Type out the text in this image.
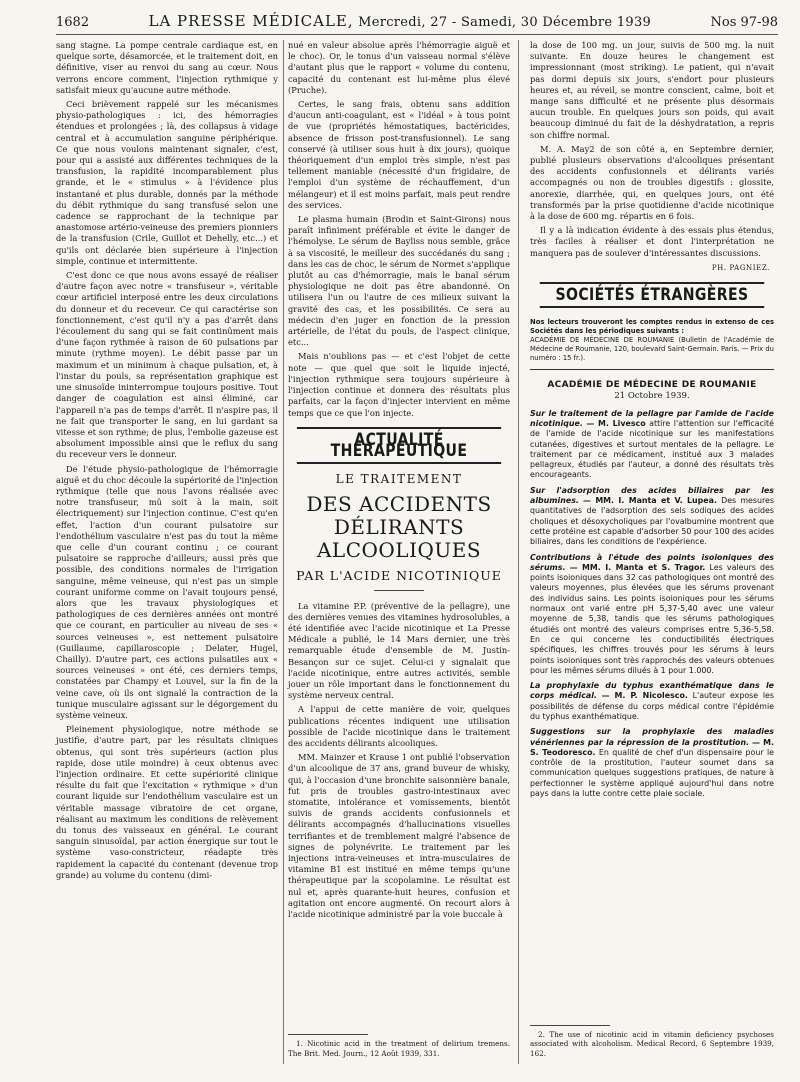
1682	LA PRESSE MÉDICALE, Mercredi, 27 - Samedi, 30 Décembre 1939	Nos 97-98

sang stagne. La pompe centrale cardiaque est, en quelque sorte, désamorcée, et le traitement doit, en définitive, viser au renvoi du sang au cœur. Nous verrons encore comment, l'injection rythmique y satisfait mieux qu'aucune autre méthode.

Ceci brièvement rappelé sur les mécanismes physio-pathologiques : ici, des hémorragies étendues et prolongées ; là, des collapsus à vidage central et à accumulation sanguine périphérique. Ce que nous voulons maintenant signaler, c'est, pour qui a assisté aux différentes techniques de la transfusion, la rapidité incomparablement plus grande, et le « stimulus » à l'évidence plus instantané et plus durable, donnés par la méthode du débit rythmique du sang transfusé selon une cadence se rapprochant de la technique par anastomose artério-veineuse des premiers pionniers de la transfusion (Crile, Guillot et Dehelly, etc...) et qu'ils ont déclarée bien supérieure à l'injection simple, continue et intermittente.

C'est donc ce que nous avons essayé de réaliser d'autre façon avec notre « transfuseur », véritable cœur artificiel interposé entre les deux circulations du donneur et du receveur. Ce qui caractérise son fonctionnement, c'est qu'il n'y a pas d'arrêt dans l'écoulement du sang qui se fait continûment mais d'une façon rythmée à raison de 60 pulsations par minute (rythme moyen). Le débit passe par un maximum et un minimum à chaque pulsation, et, à l'instar du pouls, sa représentation graphique est une sinusoïde ininterrompue toujours positive. Tout danger de coagulation est ainsi éliminé, car l'appareil n'a pas de temps d'arrêt. Il n'aspire pas, il ne fait que transporter le sang, en lui gardant sa vitesse et son rythme; de plus, l'embolie gazeuse est absolument impossible ainsi que le reflux du sang du receveur vers le donneur.

De l'étude physio-pathologique de l'hémorragie aiguë et du choc découle la supériorité de l'injection rythmique (telle que nous l'avons réalisée avec notre transfuseur, mû soit à la main, soit électriquement) sur l'injection continue. C'est qu'en effet, l'action d'un courant pulsatoire sur l'endothélium vasculaire n'est pas du tout la même que celle d'un courant continu ; ce courant pulsatoire se rapproche d'ailleurs, aussi près que possible, des conditions normales de l'irrigation sanguine, même veineuse, qui n'est pas un simple courant uniforme comme on l'avait toujours pensé, alors que les travaux physiologiques et pathologiques de ces dernières années ont montré que ce courant, en particulier au niveau de ses « sources veineuses », est nettement pulsatoire (Guillaume, capillaroscopie ; Delater, Hugel, Chailly). D'autre part, ces actions pulsatiles aux « sources veineuses » ont été, ces derniers temps, constatées par Champy et Louvel, sur la fin de la veine cave, où ils ont signalé la contraction de la tunique musculaire agissant sur le dégorgement du système veineux.

Pleinement physiologique, notre méthode se justifie, d'autre part, par les résultats cliniques obtenus, qui sont très supérieurs (action plus rapide, dose utile moindre) à ceux obtenus avec l'injection ordinaire. Et cette supériorité clinique résulte du fait que l'excitation « rythmique » d'un courant liquide sur l'endothélium vasculaire est un véritable massage vibratoire de cet organe, réalisant au maximum les conditions de relèvement du tonus des vaisseaux en général. Le courant sanguin sinusoïdal, par action énergique sur tout le système vaso-constricteur, réadapte très rapidement la capacité du contenant (devenue trop grande) au volume du contenu (dimi-

nué en valeur absolue après l'hémorragie aiguë et le choc). Or, le tonus d'un vaisseau normal s'élève d'autant plus que le rapport « volume du contenu, capacité du contenant est lui-même plus élevé (Pruche).

Certes, le sang frais, obtenu sans addition d'aucun anti-coagulant, est « l'idéal » à tous point de vue (propriétés hémostatiques, bactéricides, absence de frisson post-transfusionnel). Le sang conservé (à utiliser sous huit à dix jours), quoique théoriquement d'un emploi très simple, n'est pas tellement maniable (nécessité d'un frigidaire, de l'emploi d'un système de réchauffement, d'un mélangeur) et il est moins parfait, mais peut rendre des services.

Le plasma humain (Brodin et Saint-Girons) nous paraît infiniment préférable et évite le danger de l'hémolyse. Le sérum de Bayliss nous semble, grâce à sa viscosité, le meilleur des succédanés du sang ; dans les cas de choc, le sérum de Normet s'applique plutôt au cas d'hémorragie, mais le banal sérum physiologique ne doit pas être abandonné. On utilisera l'un ou l'autre de ces milieux suivant la gravité des cas, et les possibilités. Ce sera au médecin d'en juger en fonction de la pression artérielle, de l'état du pouls, de l'aspect clinique, etc...

Mais n'oublions pas — et c'est l'objet de cette note — que quel que soit le liquide injecté, l'injection rythmique sera toujours supérieure à l'injection continue et donnera des résultats plus parfaits, car la façon d'injecter intervient en même temps que ce que l'on injecte.

ACTUALITÉ THÉRAPEUTIQUE
LE TRAITEMENT
DES ACCIDENTS DÉLIRANTS
ALCOOLIQUES
PAR L'ACIDE NICOTINIQUE

La vitamine P.P. (préventive de la pellagre), une des dernières venues des vitamines hydrosolubles, a été identifiée avec l'acide nicotinique et La Presse Médicale a publié, le 14 Mars dernier, une très remarquable étude d'ensemble de M. Justin-Besançon sur ce sujet. Celui-ci y signalait que l'acide nicotinique, entre autres activités, semble jouer un rôle important dans le fonctionnement du système nerveux central.

A l'appui de cette manière de voir, quelques publications récentes indiquent une utilisation possible de l'acide nicotinique dans le traitement des accidents délirants alcooliques.

MM. Mainzer et Krause 1 ont publié l'observation d'un alcoolique de 37 ans, grand buveur de whisky, qui, à l'occasion d'une bronchite saisonnière banale, fut pris de troubles gastro-intestinaux avec stomatite, intolérance et vomissements, bientôt suivis de grands accidents confusionnels et délirants accompagnés d'hallucinations visuelles terrifiantes et de tremblement malgré l'absence de signes de polynévrite. Le traitement par les injections intra-veineuses et intra-musculaires de vitamine B1 est institué en même temps qu'une thérapeutique par la scopolamine. Le résultat est nul et, après quarante-huit heures, confusion et agitation ont encore augmenté. On recourt alors à l'acide nicotinique administré par la voie buccale à

1. Nicotinic acid in the treatment of delirium tremens. The Brit. Med. Journ., 12 Août 1939, 331.

la dose de 100 mg. un jour, suivis de 500 mg. la nuit suivante. En douze heures le changement est impressionnant (most striking). Le patient, qui n'avait pas dormi depuis six jours, s'endort pour plusieurs heures et, au réveil, se montre conscient, calme, boit et mange sans difficulté et ne présente plus désormais aucun trouble. En quelques jours son poids, qui avait beaucoup diminué du fait de la déshydratation, a repris son chiffre normal.

M. A. May2 de son côté a, en Septembre dernier, publié plusieurs observations d'alcooliques présentant des accidents confusionnels et délirants variés accompagnés ou non de troubles digestifs : glossite, anorexie, diarrhée, qui, en quelques jours, ont été transformés par la prise quotidienne d'acide nicotinique à la dose de 600 mg. répartis en 6 fois.

Il y a là indication évidente à des essais plus étendus, très faciles à réaliser et dont l'interprétation ne manquera pas de soulever d'intéressantes discussions.

PH. PAGNIEZ.
SOCIÉTÉS ÉTRANGÈRES
Nos lecteurs trouveront les comptes rendus in extenso de ces Sociétés dans les périodiques suivants :
ACADÉMIE DE MÉDECINE DE ROUMANIE (Bulletin de l'Académie de Médecine de Roumanie, 120, boulevard Saint-Germain. Paris. — Prix du numéro : 15 fr.).
ACADÉMIE DE MÉDECINE DE ROUMANIE
21 Octobre 1939.
Sur le traitement de la pellagre par l'amide de l'acide nicotinique. — M. Livesco attire l'attention sur l'efficacité de l'amide de l'acide nicotinique sur les manifestations cutanées, digestives et surtout mentales de la pellagre. Le traitement par ce médicament, institué aux 3 malades pellagreux, étudiés par l'auteur, a donné des résultats très encourageants.
Sur l'adsorption des acides biliaires par les albumines. — MM. I. Manta et V. Lupea. Des mesures quantitatives de l'adsorption des sels sodiques des acides choliques et désoxycholiques par l'ovalbumine montrent que cette protéine est capable d'adsorber 50 pour 100 des acides biliaires, dans les conditions de l'expérience.
Contributions à l'étude des points isoioniques des sérums. — MM. I. Manta et S. Tragor. Les valeurs des points isoioniques dans 32 cas pathologiques ont montré des valeurs moyennes, plus élevées que les sérums provenant des individus sains. Les points isoioniques pour les sérums normaux ont varié entre pH 5,37-5,40 avec une valeur moyenne de 5,38, tandis que les sérums pathologiques étudiés ont montré des valeurs comprises entre 5,36-5,58. En ce qui concerne les conductibilités électriques spécifiques, les chiffres trouvés pour les sérums à leurs points isoioniques sont très rapprochés des valeurs obtenues pour les mêmes sérums dilués à 1 pour 1.000.
La prophylaxie du typhus exanthématique dans le corps médical. — M. P. Nicolesco. L'auteur expose les possibilités de défense du corps médical contre l'épidémie du typhus exanthématique.
Suggestions sur la prophylaxie des maladies vénériennes par la répression de la prostitution. — M. S. Teodoresco. En qualité de chef d'un dispensaire pour le contrôle de la prostitution, l'auteur soumet dans sa communication quelques suggestions pratiques, de nature à perfectionner le système appliqué aujourd'hui dans notre pays dans la lutte contre cette plaie sociale.
2. The use of nicotinic acid in vitamin deficiency psychoses associated with alcoholism. Medical Record, 6 Septembre 1939, 162.
